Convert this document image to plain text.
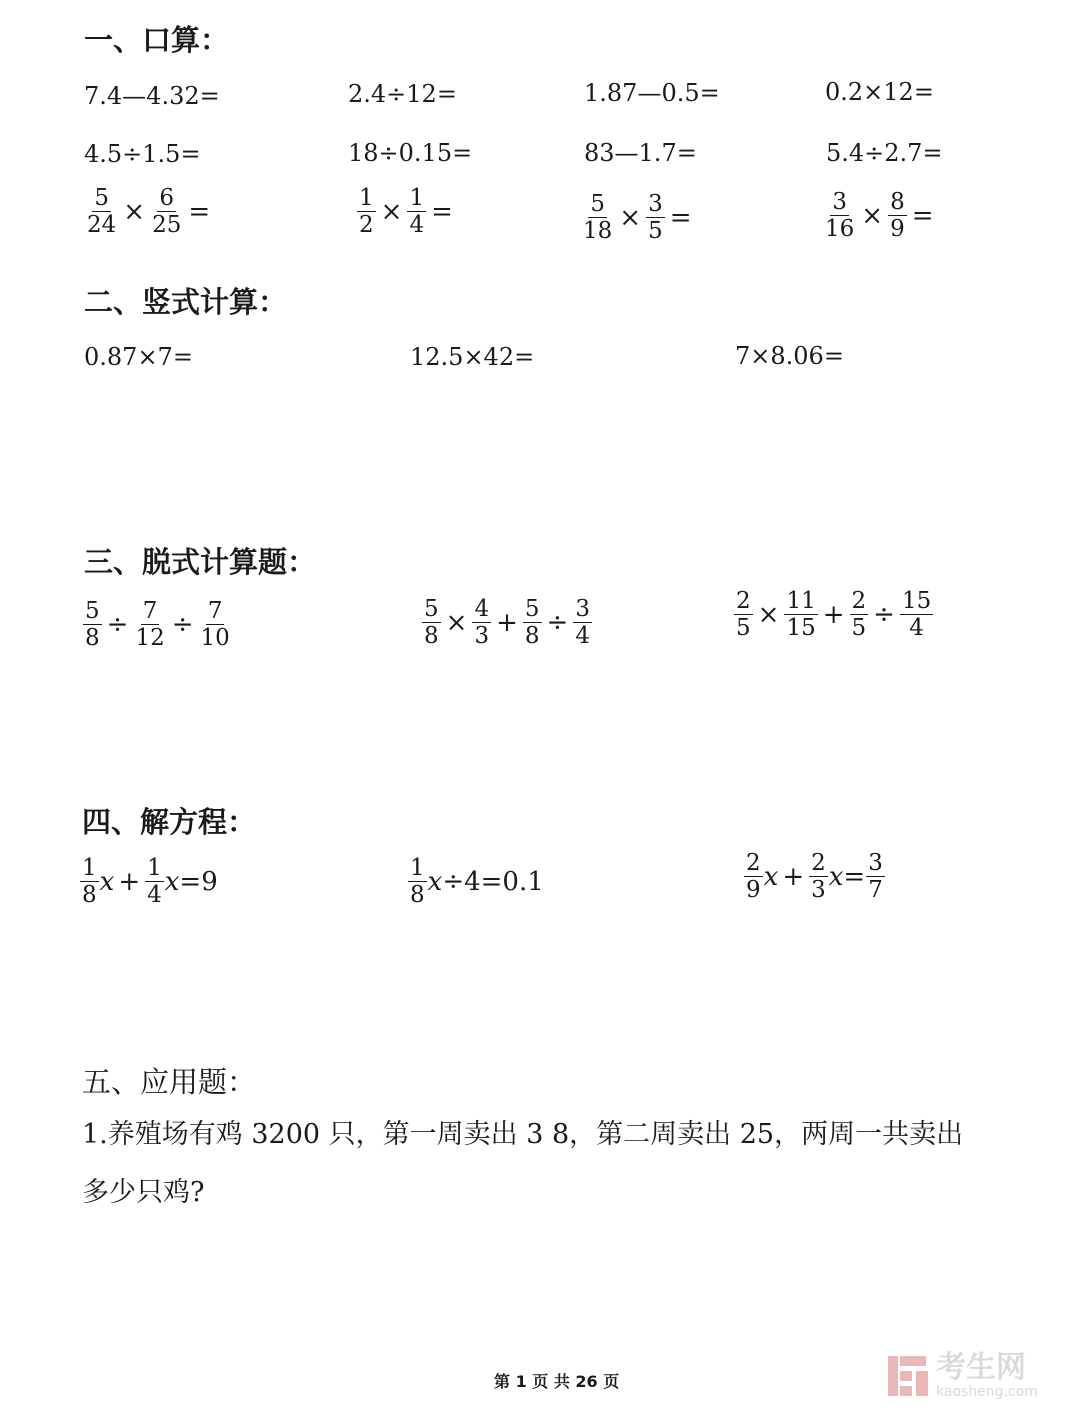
一、口算：
7.4—4.32=	2.4÷12=	1.87—0.5=	0.2×12=
4.5÷1.5=	18÷0.15=	83—1.7=	5.4÷2.7=
$\frac{5}{24} \times \frac{6}{25}$ =	$\frac{1}{2} \times \frac{1}{4}$ =	$\frac{5}{18} \times \frac{3}{5}$ =	$\frac{3}{16} \times \frac{8}{9}$ =
二、竖式计算：
0.87×7=	12.5×42=	7×8.06=
三、脱式计算题：
$\frac{5}{8} \div \frac{7}{12} \div \frac{7}{10}$	$\frac{5}{8} \times \frac{4}{3} + \frac{5}{8} \div \frac{3}{4}$	$\frac{2}{5} \times \frac{11}{15} + \frac{2}{5} \div \frac{15}{4}$
四、解方程：
$\frac{1}{8}$ $x + \frac{1}{4}$ x =9	$\frac{1}{8}$ x ÷4=0.1	$\frac{2}{9}$ $x + \frac{2}{3}$ $x = \frac{3}{7}$
五、应用题：
1.养殖场有鸡 3200 只，第一周卖出 3 8，第二周卖出 25，两周一共卖出
多少只鸡?
第 1 页 共 26 页	考生网
kaosheng.com
